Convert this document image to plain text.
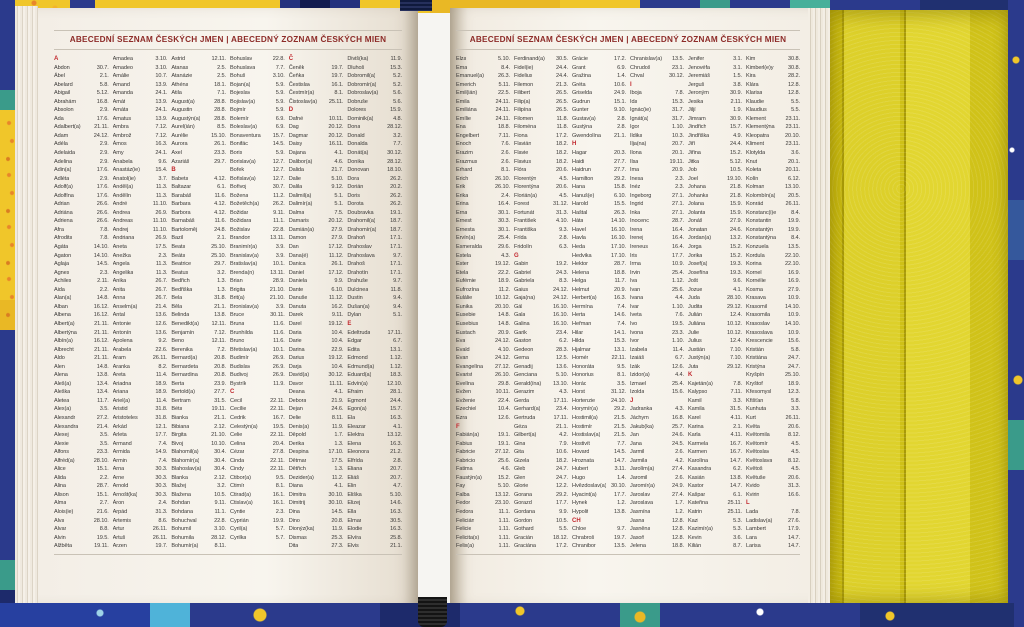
ABECEDNÍ SEZNAM ČESKÝCH JMEN | ABECEDNÝ ZOZNAM ČESKÝCH MIEN
A
Abdon	30.7.
Ábel	2.1.
Abelard	5.8.
Abigail	5.12.
Abrahám	16.8.
Absolon	2.9.
Ada	17.6.
Adalbert(a) 21.11.
Adam	24.12.
Adéla	2.9.
Adelaida	2.9.
Adelina	2.9.
Adin(a)	17.6.
Adléta	2.9.
Adolf(a)	17.6.
Adolfína	17.6.
Adrian	26.6.
Adriána	26.6.
Adriena	26.6.
Afra	7.8.
Afrodita	7.8.
Agáta	14.10.
Agaton	14.10.
Aglaja	14.5.
Agnes	2.3.
Achiles	2.11.
Aida	2.2.
Alan(a)	14.8.
Alban	16.12.
Albena	16.12.
Albert(a)	21.11.
Albertýna	21.11.
Albín(a)	16.12.
Albrecht	21.11.
Aldo	21.11.
Alen	14.8.
Alena	13.8.
Aleš(a)	13.4.
Aleška	13.4.
Aletea	11.7.
Alex(a)	3.5.
Alexandr	27.2.
Alexandra	21.4.
Alexej	3.5.
Alexie	3.5.
Alfons	23.3.
Alfréd(a)	28.10.
Alice	15.1.
Alida	2.2.
Alina	28.7.
Alison	15.1.
Alma	2.7.
Alois(ie)	21.6.
Alva	28.10.
Alvar	8.8.
Alvin	19.5.
Alžběta	19.11.
Amadea	3.10.
Amadeo	3.10.
Amálie	10.7.
Amand	13.9.
Amanda	24.1.
Amát	13.9.
Amáta	24.1.
Amatus	13.9.
Ambra	7.12.
Ambrož	7.12.
Ámos	16.3.
Amy	24.1.
Anabela	9.6.
Anastáz(ie)	15.4.
Anatol(ie)	3.7.
Anděl(a)	11.3.
Andělín	11.3.
André	11.10.
Andrea	26.9.
Andreas	11.10.
Andrej	11.10.
Andriana	26.9.
Aneta	17.5.
Anežka	2.3.
Angela	11.3.
Angelika	11.3.
Anika	26.7.
Anita	26.7.
Anna	26.7.
Anselm(a)	21.4.
Antal	13.6.
Antonie	12.6.
Antonín	13.6.
Apolena	9.2.
Arabela	22.6.
Aram	26.11.
Aranka	8.2.
Areta	11.4.
Ariadna	18.9.
Ariana	18.9.
Ariel(a)	11.4.
Aristid	31.8.
Aristoteles	31.8.
Arkád	12.1.
Arleta	17.7.
Armand	7.4.
Armida	14.9.
Armin	7.4.
Arna	30.3.
Arne	30.3.
Arnold	30.3.
Arnošt(ka)	30.3.
Áron	2.4.
Arpád	31.3.
Artemis	8.6.
Artur	26.11.
Artuš	26.11.
Arzen	19.7.
Astrid	12.11.
Atanas	2.5.
Atanázie	2.5.
Athéna	18.1.
Atila	7.1.
August(a)	28.8.
Augustin	28.8.
Augustýn(a) 28.8.
Aurel(ián)	8.5.
Aurélie	15.10.
Aurora	26.1.
Axel	23.3.
Azariáš	29.7.
B
Babeta	4.12.
Baltazar	6.1.
Barabáš	11.6.
Barbara	4.12.
Barbora	4.12.
Barnabáš	11.6.
Bartoloměj	24.8.
Bazil	2.1.
Beata	25.10.
Beáta	25.10.
Beatrice	29.7.
Beatus	3.2.
Bedřich	1.3.
Bedřiška	1.3.
Bela	31.8.
Běla	21.1.
Belinda	13.8.
Benedikt(a) 12.11.
Benjamín	7.12.
Beno	12.11.
Berenika	7.2.
Bernard(a)	20.8.
Bernardeta	20.8.
Bernardina	20.8.
Berta	23.9.
Bertold(a)	27.7.
Bertram	31.5.
Béta	19.11.
Bianka	21.1.
Bibiana	2.12.
Birgita	21.10.
Bivoj	10.10.
Blahomil(a)	30.4.
Blahomír(a)	30.4.
Blahoslav(a) 30.4.
Blanka	2.12.
Blažej	3.2.
Blažena	10.5.
Bohdan	9.11.
Bohdana	11.1.
Bohuchval	22.8.
Bohumil	3.10.
Bohumila	28.12.
Bohumír(a)	8.11.
Bohuslav	22.8.
Bohuslava	7.7.
Bohuš	3.10.
Bojan(a)	5.9.
Bojeslav	5.9.
Bojislav(a)	5.9.
Bojmír	5.9.
Bolemír	6.9.
Boleslav(a)	6.9.
Bonaventura 15.7.
Bonifác	14.5.
Boris	5.9.
Borislav(a)	12.7.
Bořek	12.7.
Bořislav(a)	12.7.
Bořivoj	30.7.
Božena	11.2.
Božetěch(a) 26.2.
Božidar	9.11.
Božidara	11.1.
Božislav	22.8.
Brandon	13.11.
Branimír(a)	3.9.
Branislav(a)	3.9.
Bratislav(a)	10.1.
Brenda(n)	13.11.
Brian	28.9.
Brigita	21.10.
Brit(a)	21.10.
Bronislav(a)	3.9.
Bruce	30.11.
Bruna	11.6.
Brunhilda	11.6.
Bruno	11.6.
Břetislav(a)	10.1.
Budimír	26.9.
Budislav	26.9.
Budivoj	26.9.
Bystrík	11.9.
C
Cecil	22.11.
Cecílie	22.11.
Cedrik	16.7.
Celestýn(a)	19.5.
Celie	22.11.
Celina	20.4.
Cézar	27.8.
Cinda	22.11.
Cindy	22.11.
Ctibor(a)	9.5.
Ctimír	8.1.
Ctirad(a)	16.1.
Ctislav(a)	16.1.
Cyntie	2.3.
Cyprián	19.9.
Cyril(a)	5.7.
Cyrilka	5.7.
Č
Čeněk	19.7.
Čeňka	19.7.
Čestislav	16.1.
Čestmír(a)	8.1.
Čistoslav(a) 25.11.
D
Dafné	10.11.
Dag	20.12.
Dagmar	20.12.
Daisy	16.11.
Dajana	4.1.
Dalibor(a)	4.6.
Dalida	21.7.
Dalie	5.10.
Dalila	9.12.
Dalimil(a)	5.1.
Dalimír(a)	5.1.
Dalma	7.5.
Damaris	20.12.
Damián(a)	27.9.
Damon	27.9.
Dan	17.12.
Dana(é)	11.12.
Danica	26.1.
Daniel	17.12.
Daniela	9.9.
Dante	6.10.
Danuše	11.12.
Danuta	16.2.
Darek	9.11.
Darel	19.12.
Daria	10.4.
Darie	10.4.
Darina	22.9.
Darius	19.12.
Darja	10.4.
David(a)	30.12.
Davor	11.11.
Deana	4.1.
Debora	21.9.
Dejan	24.6.
Delie	8.11.
Denis(a)	11.9.
Děpold	1.7.
Derika	1.3.
Despina	17.10.
Dětmar	17.5.
Dětřich	1.3.
Dezider(a)	11.2.
Diana	4.1.
Dimitra	30.10.
Dimitrij	30.10.
Dina	14.5.
Dino	20.8.
Dionýz(ka)	11.9.
Dismas	25.3.
Dita	27.3.
Diviš(ka)	11.9.
Dluhoš	15.3.
Dobromil(a)	5.2.
Dobromír(a)	5.2.
Dobroslav(a)	5.6.
Dobruše	5.6.
Dolores	15.9.
Dominik(a)	4.8.
Dona	28.12.
Donald	3.2.
Donalda	7.7.
Donát(a)	30.12.
Donika	28.12.
Donovan	18.10.
Dora	26.2.
Dorián	20.2.
Doris	26.2.
Dorota	26.2.
Doubravka	19.1.
Drahomil(a)	18.7.
Drahomír(a) 18.7.
Drahoň	17.1.
Drahoslav	17.1.
Drahoslava	9.7.
Drahoš	17.1.
Drahotín	17.1.
Drahuše	9.7.
Dulcinea	11.8.
Dustin	9.4.
Dušan(a)	9.4.
Dylan	5.1.
E
Edeltruda	17.11.
Edgar	6.7.
Edita	13.1.
Edmond	1.12.
Edmund(a)	1.12.
Eduard(a)	18.3.
Edvín(a)	12.10.
Efraim	28.1.
Egmont	24.4.
Egon(a)	15.7.
Ela	16.3.
Eleazar	4.1.
Elektra	13.12.
Elena	16.3.
Eleonora	21.2.
Elfrída	2.8.
Eliana	20.7.
Eliáš	20.7.
Elin	4.7.
Eliška	5.10.
Elizej	14.6.
Ella	16.3.
Elmar	30.5.
Elodie	16.3.
Elvíra	25.8.
Elvis	21.1.
ABECEDNÍ SEZNAM ČESKÝCH JMEN | ABECEDNÝ ZOZNAM ČESKÝCH MIEN
Elza	5.10.
Ema	8.4.
Emanuel(a)	26.3.
Emerich	5.11.
Emil(ián)	22.5.
Emila	24.11.
Emiliána	24.11.
Emílie	24.11.
Ena	18.8.
Engelbert	7.11.
Enoch	7.6.
Erazim	2.6.
Erazmus	2.6.
Erhard	8.1.
Erich	26.10.
Erik	26.10.
Erika	2.4.
Erina	16.4.
Erna	30.1.
Ernest	30.3.
Ernesta	30.1.
Ervín(a)	25.4.
Esmeralda	29.6.
Estela	4.3.
Ester	19.12.
Etela	22.2.
Eufémie	18.9.
Eufrozína	11.2.
Eulálie	10.12.
Eunika	20.10.
Eusebie	14.8.
Eusebius	14.8.
Eustach	20.9.
Eva	24.12.
Evald	4.10.
Evan	24.12.
Evangelína 27.12.
Evarist	26.10.
Evelína	29.8.
Evžen	10.11.
Evženie	22.4.
Ezechiel	10.4.
Ezra	12.6.
F
Fabián(a)	19.1.
Fabius	19.1.
Fabricie	27.12.
Fabricio	25.6.
Fatima	4.6.
Faustýn(a)	15.2.
Fay	5.10.
Falba	13.12.
Fedor	23.10.
Fedora	11.1.
Felicián	1.11.
Felicie	1.11.
Felicita(s)	1.11.
Felix(a)	1.11.
Ferdinand(a) 30.5.
Fidel(ie)	24.4.
Fidelius	24.4.
Filemon	21.3.
Filibert	26.5.
Filip(a)	26.5.
Filipína	26.5.
Filomen	11.8.
Filoména	11.8.
Fiona	17.2.
Flavián	18.2.
Flavie	18.2.
Flavius	18.2.
Flóra	20.6.
Florentýn	4.5.
Florentýna	20.6.
Florián(a)	4.5.
Forest	31.12.
Fortunát	31.3.
František	4.10.
Františka	9.3.
Frída	2.8.
Fridolín	6.3.
G
Gabin	19.2.
Gabriel	24.3.
Gabriela	8.3.
Gaius	24.12.
Gaja(na)	24.12.
Gál	16.10.
Gala	16.10.
Galina	16.10.
Garik	23.4.
Gaston	6.2.
Gedeon	28.3.
Gema	12.5.
Genadij	13.6.
Genciana	5.10.
Gerald(ína) 13.10.
Gerazim	4.3.
Gerda	17.11.
Gerhard(a)	23.4.
Gertruda	17.11.
Géza	21.1.
Gilbert(a)	4.2.
Gina	7.9.
Gita	10.6.
Gizela	18.2.
Gleb	24.7.
Glen	24.7.
Glorie	12.2.
Gorana	29.2.
Gorazd	17.7.
Gordana	9.9.
Gordon	10.5.
Gothard	5.5.
Gracián	18.12.
Graciána	17.2.
Grácie	17.2.
Grant	6.9.
Gražina	1.4.
Gréta	10.6.
Griselda	24.9.
Gudrun	15.1.
Gunter	9.10.
Gustav(a)	2.8.
Gustýna	2.8.
Gwendolína 21.1.
H
Hagar	20.3.
Haidi	27.7.
Haidrun	27.7.
Hamilton	29.2.
Hana	15.8.
Hanuš(e)	6.10.
Harold	15.5.
Haštal	26.3.
Háta	14.10.
Havel	16.10.
Havla	16.10.
Heda	17.10.
Hedvika	17.10.
Hektor	28.7.
Helena	18.8.
Helga	11.7.
Helmut	20.9.
Herbert(a)	16.3.
Hermína	7.4.
Herta	14.6.
Heřman	7.4.
Hilar	14.1.
Hilda	15.3.
Hjalmar	13.1.
Homér	22.11.
Honoráta	9.5.
Honorius	8.1.
Horác	3.5.
Horst	31.12.
Hortenzie	24.10.
Horymír(a)	29.2.
Hostimil(a)	21.5.
Hostimír	21.5.
Hostislav(a) 21.5.
Hostivít	7.7.
Hovard	14.5.
Hroznata	14.7.
Hubert	3.11.
Hugo	1.4.
Hvězdoslav(a) 30.10.
Hyacint(a)	17.7.
Hynek	1.2.
Hypolit	13.8.
CH
Chloe	9.7.
Chrabroš	19.7.
Chranibor	13.5.
Chranislav(a) 13.5.
Chrudoš	23.1.
Chval	30.12.
I
Iboja	7.8.
Ida	15.3.
Ignác(ie)	31.7.
Ignát(a)	31.7.
Igor	1.10.
Ildika	10.3.
Ilja(na)	20.7.
Ilona	20.1.
Ilsa	19.11.
Ima	20.9.
Inesa	2.3.
Inéz	2.3.
Ingeborg	27.1.
Ingrid	27.1.
Inka	27.1.
Inocenc	28.7.
Irena	16.4.
Irenej	16.4.
Ireneus	16.4.
Iris	17.7.
Irma	10.9.
Irvin	25.4.
Iva	1.12.
Ivan	25.6.
Ivana	4.4.
Ivar	1.10.
Iveta	7.6.
Ivo	19.5.
Ivona	23.3.
Ivor	1.10.
Izabela	11.4.
Izaiáš	6.7.
Izák	12.6.
Izidor(a)	4.4.
Izmael	25.4.
Izolda	15.6.
J
Jadranka	4.3.
Jáchym	16.8.
Jakub(ka)	25.7.
Jan	24.6.
Jana	24.5.
Jarmil	2.6.
Jarmila	4.2.
Jarolím(a)	27.4.
Jaromil	2.6.
Jaromír(a)	24.9.
Jaroslav	27.4.
Jaroslava	1.7.
Jasmína	1.2.
Jasna	12.8.
Jasněna	12.8.
Jasoň	12.8.
Jelena	18.8.
Jenifer	3.1.
Jenovéfa	3.1.
Jeremiáš	1.5.
Jerguš	3.8.
Jeroným	30.9.
Jesika	2.11.
Jiljí	1.9.
Jimram	30.9.
Jindřich	15.7.
Jindřiška	4.9.
Jiří	24.4.
Jiřina	15.2.
Jitka	5.12.
Job	10.5.
Joel	19.10.
Johana	21.8.
Johanka	21.8.
Jolana	15.9.
Jolanta	15.9.
Jonáš	27.9.
Jonatan	24.6.
Jordan(a)	13.2.
Jorga	15.2.
Jorika	15.2.
Josef(a)	19.3.
Josefína	19.3.
Jošt	9.6.
Jozue	4.1.
Juda	28.10.
Judita	29.12.
Julián	12.4.
Juliána	10.12.
Julie	10.12.
Julius	12.4.
Justián	7.10.
Justýn(a)	7.10.
Juta	29.12.
K
Kajetán(a)	7.8.
Kalypso	7.11.
Kamil	3.3.
Kamila	31.5.
Karel	4.11.
Karina	2.1.
Karla	4.11.
Karmela	16.7.
Karmen	16.7.
Karolína	14.7.
Kasandra	6.2.
Kasián	13.8.
Kastor	14.7.
Kašpar	6.1.
Kateřina	25.11.
Katrin	25.11.
Kazi	5.3.
Kazimír(a)	5.3.
Kevin	3.6.
Kilián	8.7.
Kim	30.8.
Kimberl(e)y	30.8.
Kira	28.2.
Klára	12.8.
Klarisa	12.8.
Klaudie	5.5.
Klaudius	5.5.
Klement	23.11.
Klementýna 23.11.
Kleopatra	20.10.
Kliment	23.11.
Klotylda	3.6.
Knut	20.1.
Koleta	20.11.
Kolín	6.12.
Kolman	13.10.
Kolombín(a) 20.5.
Konrád	26.11.
Konstanc(i)e	8.4.
Konstantin	19.9.
Konstantýn	19.9.
Konstantýna	8.4.
Konzuela	13.5.
Kordula	22.10.
Korina	22.10.
Kornel	16.9.
Kornélie	16.9.
Kosma	27.9.
Krasava	10.9.
Krasomil	14.10.
Krasomila	10.9.
Krasoslav	14.10.
Krasoslava	10.9.
Krescencie	15.6.
Kristián	5.8.
Kristiána	24.7.
Kristýna	24.7.
Kryšpín	25.10.
Kryštof	18.9.
Křesomysl	12.3.
Křišťan	5.8.
Kunhuta	3.3.
Kurt	26.11.
Květa	20.6.
Květomila	8.12.
Květomír	4.5.
Květoslav	4.5.
Květoslava	8.12.
Květoš	4.5.
Květuše	20.6.
Kvido	31.3.
Kvirin	16.6.
L
Lada	7.8.
Ladislav(a)	27.6.
Lambert	17.9.
Lara	14.7.
Larisa	14.7.
